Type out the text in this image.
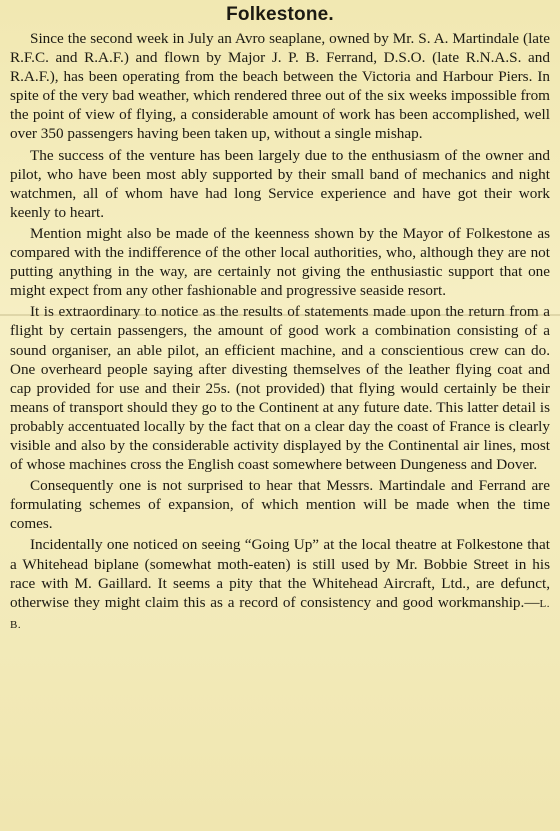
Folkestone.

Since the second week in July an Avro seaplane, owned by Mr. S. A. Martindale (late R.F.C. and R.A.F.) and flown by Major J. P. B. Ferrand, D.S.O. (late R.N.A.S. and R.A.F.), has been operating from the beach between the Victoria and Harbour Piers. In spite of the very bad weather, which rendered three out of the six weeks impossible from the point of view of flying, a considerable amount of work has been accomplished, well over 350 passengers having been taken up, without a single mishap.

The success of the venture has been largely due to the enthusiasm of the owner and pilot, who have been most ably supported by their small band of mechanics and night watchmen, all of whom have had long Service experience and have got their work keenly to heart.

Mention might also be made of the keenness shown by the Mayor of Folkestone as compared with the indifference of the other local authorities, who, although they are not putting anything in the way, are certainly not giving the enthusiastic support that one might expect from any other fashionable and progressive seaside resort.

It is extraordinary to notice as the results of statements made upon the return from a flight by certain passengers, the amount of good work a combination consisting of a sound organiser, an able pilot, an efficient machine, and a conscientious crew can do. One overheard people saying after divesting themselves of the leather flying coat and cap provided for use and their 25s. (not provided) that flying would certainly be their means of transport should they go to the Continent at any future date. This latter detail is probably accentuated locally by the fact that on a clear day the coast of France is clearly visible and also by the considerable activity displayed by the Continental air lines, most of whose machines cross the English coast somewhere between Dungeness and Dover.

Consequently one is not surprised to hear that Messrs. Martindale and Ferrand are formulating schemes of expansion, of which mention will be made when the time comes.

Incidentally one noticed on seeing “Going Up” at the local theatre at Folkestone that a Whitehead biplane (somewhat moth-eaten) is still used by Mr. Bobbie Street in his race with M. Gaillard. It seems a pity that the Whitehead Aircraft, Ltd., are defunct, otherwise they might claim this as a record of consistency and good workmanship.—L. B.
